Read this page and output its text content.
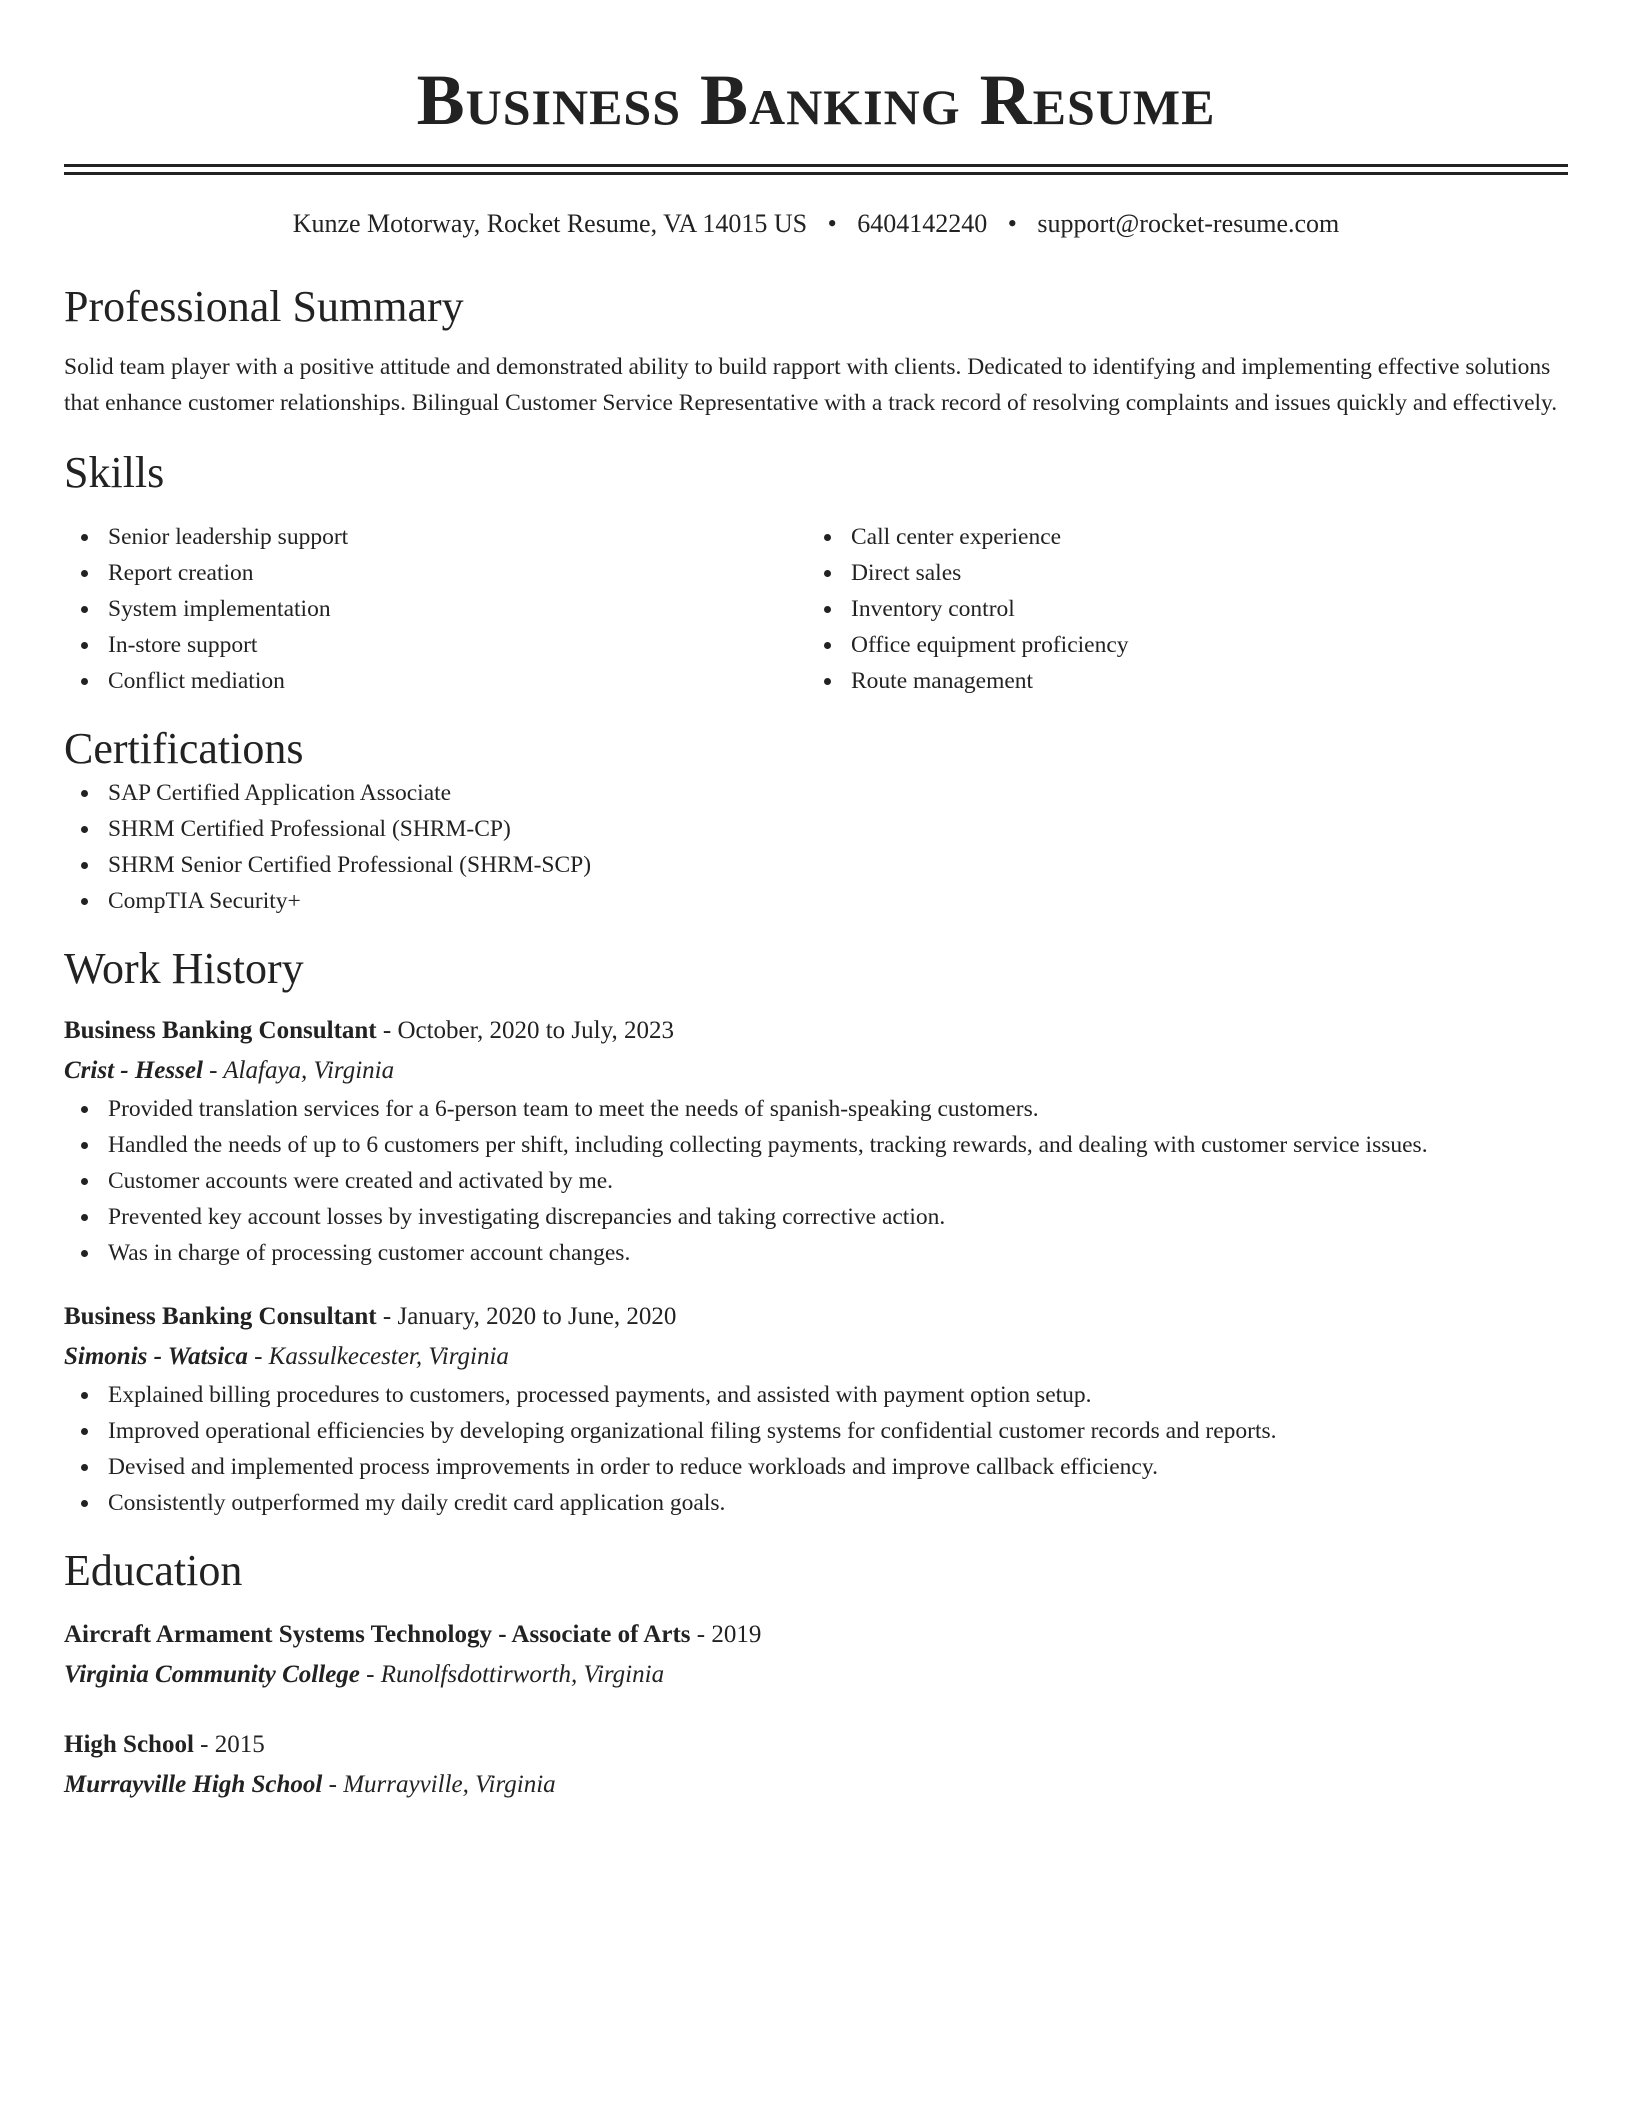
Business Banking Resume
Kunze Motorway, Rocket Resume, VA 14015 US • 6404142240 • support@rocket-resume.com
Professional Summary
Solid team player with a positive attitude and demonstrated ability to build rapport with clients. Dedicated to identifying and implementing effective solutions that enhance customer relationships. Bilingual Customer Service Representative with a track record of resolving complaints and issues quickly and effectively.
Skills
Senior leadership support
Report creation
System implementation
In-store support
Conflict mediation
Call center experience
Direct sales
Inventory control
Office equipment proficiency
Route management
Certifications
SAP Certified Application Associate
SHRM Certified Professional (SHRM-CP)
SHRM Senior Certified Professional (SHRM-SCP)
CompTIA Security+
Work History
Business Banking Consultant - October, 2020 to July, 2023
Crist - Hessel - Alafaya, Virginia
Provided translation services for a 6-person team to meet the needs of spanish-speaking customers.
Handled the needs of up to 6 customers per shift, including collecting payments, tracking rewards, and dealing with customer service issues.
Customer accounts were created and activated by me.
Prevented key account losses by investigating discrepancies and taking corrective action.
Was in charge of processing customer account changes.
Business Banking Consultant - January, 2020 to June, 2020
Simonis - Watsica - Kassulkecester, Virginia
Explained billing procedures to customers, processed payments, and assisted with payment option setup.
Improved operational efficiencies by developing organizational filing systems for confidential customer records and reports.
Devised and implemented process improvements in order to reduce workloads and improve callback efficiency.
Consistently outperformed my daily credit card application goals.
Education
Aircraft Armament Systems Technology - Associate of Arts - 2019
Virginia Community College - Runolfsdottirworth, Virginia
High School - 2015
Murrayville High School - Murrayville, Virginia
